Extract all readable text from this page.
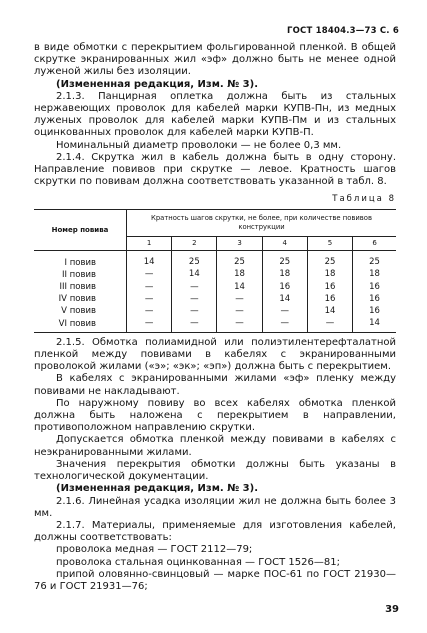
ГОСТ 18404.3—73 С. 6

в виде обмотки с перекрытием фольгированной пленкой. В общей скрутке экранированных жил «эф» должно быть не менее одной луженой жилы без изоляции.

(Измененная редакция, Изм. № 3).

2.1.3. Панцирная оплетка должна быть из стальных нержавеющих проволок для кабелей марки КУПВ-Пн, из медных луженых проволок для кабелей марки КУПВ-Пм и из стальных оцинкованных проволок для кабелей марки КУПВ-П.

Номинальный диаметр проволоки — не более 0,3 мм.

2.1.4. Скрутка жил в кабель должна быть в одну сторону. Направление повивов при скрутке — левое. Кратность шагов скрутки по повивам должна соответствовать указанной в табл. 8.

Таблица 8
Номер повива	Кратность шагов скрутки, не более, при количестве повивов конструкции					
	1	2	3	4	5	6
I повив	14	25	25	25	25	25
II повив	—	14	18	18	18	18
III повив	—	—	14	16	16	16
IV повив	—	—	—	14	16	16
V повив	—	—	—	—	14	16
VI повив	—	—	—	—	—	14

2.1.5. Обмотка полиамидной или полиэтилентерефталатной пленкой между повивами в кабелях с экранированными проволокой жилами («э»; «эк»; «эп») должна быть с перекрытием.

В кабелях с экранированными жилами «эф» пленку между повивами не накладывают.

По наружному повиву во всех кабелях обмотка пленкой должна быть наложена с перекрытием в направлении, противоположном направлению скрутки.

Допускается обмотка пленкой между повивами в кабелях с неэкранированными жилами.

Значения перекрытия обмотки должны быть указаны в технологической документации.

(Измененная редакция, Изм. № 3).

2.1.6. Линейная усадка изоляции жил не должна быть более 3 мм.

2.1.7. Материалы, применяемые для изготовления кабелей, должны соответствовать:

проволока медная — ГОСТ 2112—79;

проволока стальная оцинкованная — ГОСТ 1526—81;

припой оловянно-свинцовый — марке ПОС-61 по ГОСТ 21930—76 и ГОСТ 21931—76;

39
